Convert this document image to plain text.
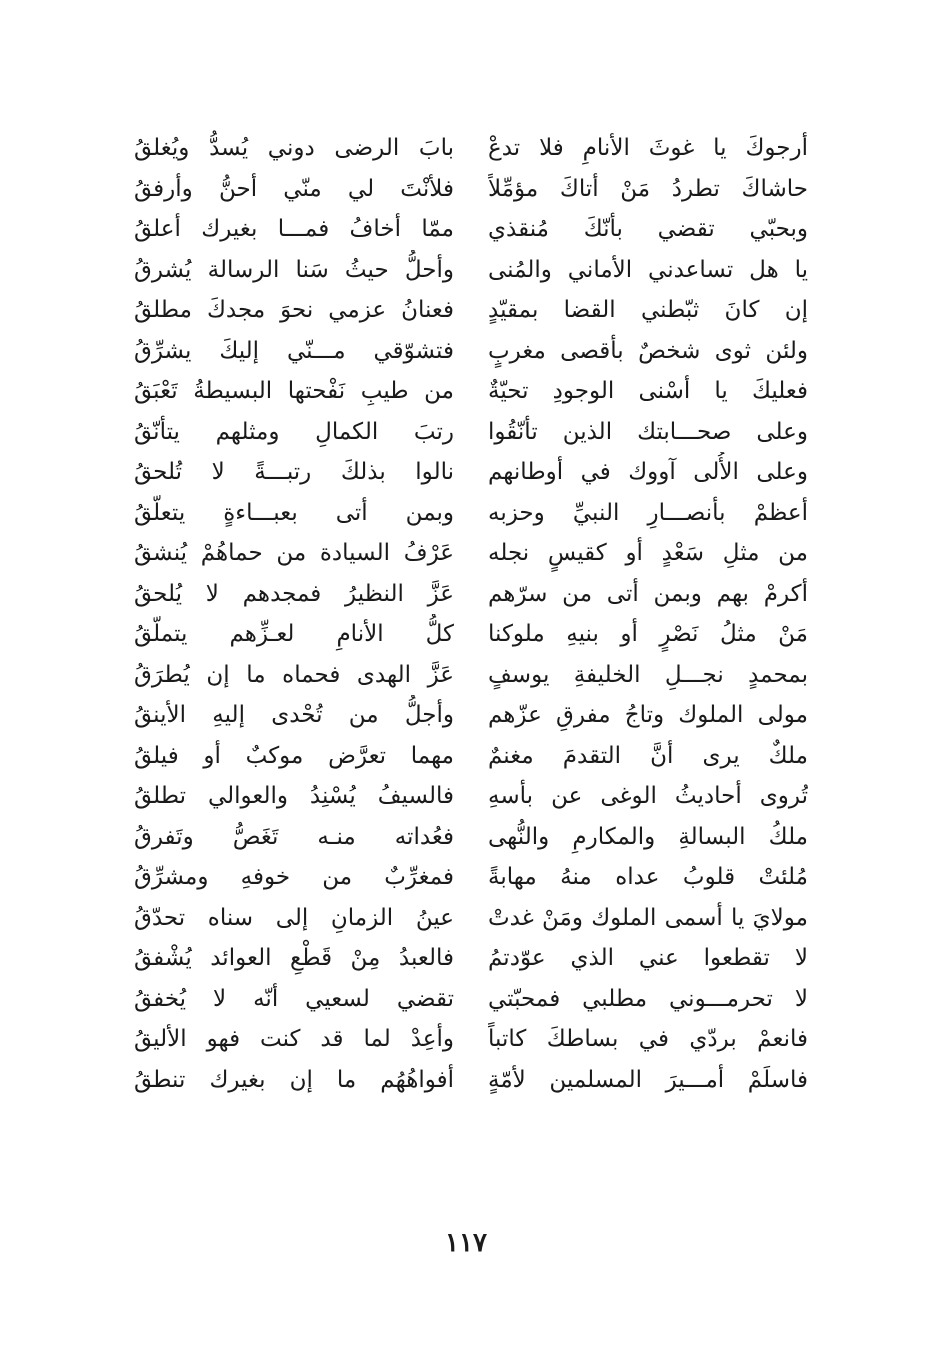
أرجوكَ يا غوثَ الأنامِ فلا تدعْ
حاشاكَ تطردُ مَنْ أتاكَ مؤمِّلاً
وبحبّي تقضي بأنّكَ مُنقذي
يا هل تساعدني الأماني والمُنى
إن كانَ ثبّطني القضا بمقيّدٍ
ولئن ثوى شخصٌ بأقصى مغربٍ
فعليكَ يا أسْنى الوجودِ تحيّةٌ
وعلى صحـــابتك الذين تأنّقُوا
وعلى الأُلى آووك في أوطانهم
أعظمْ بأنصـــارِ النبيِّ وحزبه
من مثلِ سَعْدٍ أو كقيسٍ نجله
أكرمْ بهم وبمن أتى من سرّهم
مَنْ مثلُ نَصْرٍ أو بنيهِ ملوكنا
بمحمدٍ نجـــلِ الخليفةِ يوسفٍ
مولى الملوك وتاجُ مفرقِ عزّهم
ملكٌ يرى أنَّ التقدمَ مغنمٌ
تُروى أحاديثُ الوغى عن بأسهِ
ملكُ البسالةِ والمكارمِ والنُّهى
مُلئتْ قلوبُ عداه منهُ مهابةً
مولايَ يا أسمى الملوك ومَنْ غدتْ
لا تقطعوا عني الذي عوّدتمُ
لا تحرمـــوني مطلبي فمحبّتي
فانعمْ بردّي في بساطكَ كاتباً
فاسلَمْ أمـــيرَ المسلمين لأمّةٍ
بابَ الرضى دوني يُسدُّ ويُغلقُ
فلأنْتَ لي منّي أحنُّ وأرفقُ
ممّا أخافُ فمـــا بغيرك أعلقُ
وأحلُّ حيثُ سَنا الرسالة يُشرقُ
فعنانُ عزمي نحوَ مجدكَ مطلقُ
فتشوّقي مـــنّي إليكَ يشرِّقُ
من طيبِ نَفْحتها البسيطةُ تَعْبَقُ
رتبَ الكمالِ ومثلهم يتأنّقُ
نالوا بذلكَ رتبـــةً لا تُلحقُ
وبمن أتى بعبـــاءةٍ يتعلّقُ
عَرْفُ السيادة من حماهُمْ يُنشقُ
عَزَّ النظيرُ فمجدهم لا يُلحقُ
كلُّ الأنامِ لعـزِّهم يتملّقُ
عَزَّ الهدى فحماه ما إن يُطرَقُ
وأجلُّ من تُحْدى إليهِ الأينقُ
مهما تعرَّض موكبٌ أو فيلقُ
فالسيفُ يُسْنِدُ والعوالي تطلقُ
فعُداته منـه تَغَصُّ وتَفرقُ
فمغرِّبٌ من خوفهِ ومشرِّقُ
عينُ الزمانِ إلى سناه تحدّقُ
فالعبدُ مِنْ قَطْعِ العوائد يُشْفقُ
تقضي لسعيي أنّه لا يُخفقُ
وأعِدْ لما قد كنت فهو الأليقُ
أفواهُهُم ما إن بغيرك تنطقُ
١١٧
